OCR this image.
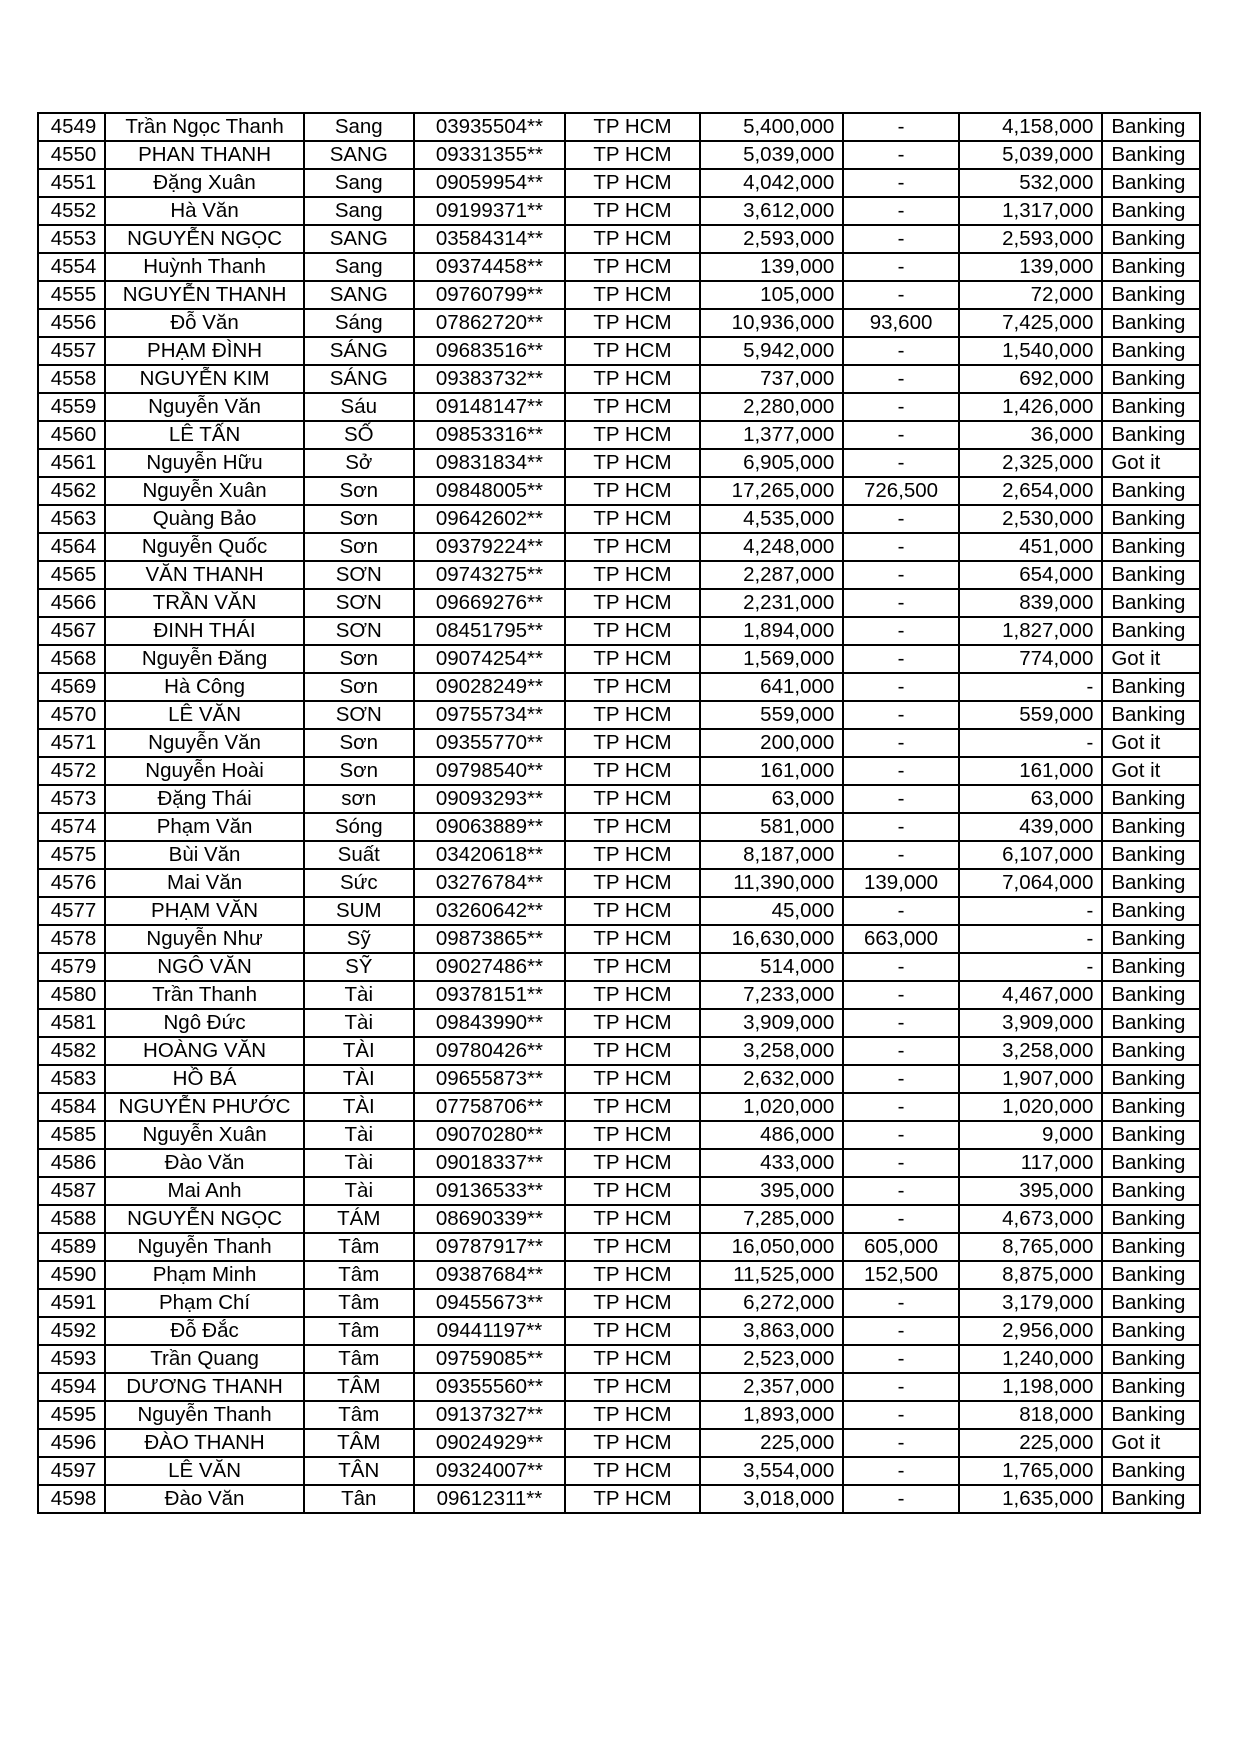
4549	Trần Ngọc Thanh	Sang	03935504**	TP HCM	5,400,000	-	4,158,000	Banking
4550	PHAN THANH	SANG	09331355**	TP HCM	5,039,000	-	5,039,000	Banking
4551	Đặng Xuân	Sang	09059954**	TP HCM	4,042,000	-	532,000	Banking
4552	Hà Văn	Sang	09199371**	TP HCM	3,612,000	-	1,317,000	Banking
4553	NGUYỄN NGỌC	SANG	03584314**	TP HCM	2,593,000	-	2,593,000	Banking
4554	Huỳnh Thanh	Sang	09374458**	TP HCM	139,000	-	139,000	Banking
4555	NGUYỄN THANH	SANG	09760799**	TP HCM	105,000	-	72,000	Banking
4556	Đỗ Văn	Sáng	07862720**	TP HCM	10,936,000	93,600	7,425,000	Banking
4557	PHẠM ĐÌNH	SÁNG	09683516**	TP HCM	5,942,000	-	1,540,000	Banking
4558	NGUYỄN KIM	SÁNG	09383732**	TP HCM	737,000	-	692,000	Banking
4559	Nguyễn Văn	Sáu	09148147**	TP HCM	2,280,000	-	1,426,000	Banking
4560	LÊ TẤN	SỐ	09853316**	TP HCM	1,377,000	-	36,000	Banking
4561	Nguyễn Hữu	Sở	09831834**	TP HCM	6,905,000	-	2,325,000	Got it
4562	Nguyễn Xuân	Sơn	09848005**	TP HCM	17,265,000	726,500	2,654,000	Banking
4563	Quàng Bảo	Sơn	09642602**	TP HCM	4,535,000	-	2,530,000	Banking
4564	Nguyễn Quốc	Sơn	09379224**	TP HCM	4,248,000	-	451,000	Banking
4565	VĂN THANH	SƠN	09743275**	TP HCM	2,287,000	-	654,000	Banking
4566	TRẦN VĂN	SƠN	09669276**	TP HCM	2,231,000	-	839,000	Banking
4567	ĐINH THÁI	SƠN	08451795**	TP HCM	1,894,000	-	1,827,000	Banking
4568	Nguyễn Đăng	Sơn	09074254**	TP HCM	1,569,000	-	774,000	Got it
4569	Hà Công	Sơn	09028249**	TP HCM	641,000	-	-	Banking
4570	LÊ VĂN	SƠN	09755734**	TP HCM	559,000	-	559,000	Banking
4571	Nguyễn Văn	Sơn	09355770**	TP HCM	200,000	-	-	Got it
4572	Nguyễn Hoài	Sơn	09798540**	TP HCM	161,000	-	161,000	Got it
4573	Đặng Thái	sơn	09093293**	TP HCM	63,000	-	63,000	Banking
4574	Phạm Văn	Sóng	09063889**	TP HCM	581,000	-	439,000	Banking
4575	Bùi Văn	Suất	03420618**	TP HCM	8,187,000	-	6,107,000	Banking
4576	Mai Văn	Sức	03276784**	TP HCM	11,390,000	139,000	7,064,000	Banking
4577	PHẠM VĂN	SUM	03260642**	TP HCM	45,000	-	-	Banking
4578	Nguyễn Như	Sỹ	09873865**	TP HCM	16,630,000	663,000	-	Banking
4579	NGÔ VĂN	SỸ	09027486**	TP HCM	514,000	-	-	Banking
4580	Trần Thanh	Tài	09378151**	TP HCM	7,233,000	-	4,467,000	Banking
4581	Ngô Đức	Tài	09843990**	TP HCM	3,909,000	-	3,909,000	Banking
4582	HOÀNG VĂN	TÀI	09780426**	TP HCM	3,258,000	-	3,258,000	Banking
4583	HỒ BÁ	TÀI	09655873**	TP HCM	2,632,000	-	1,907,000	Banking
4584	NGUYỄN PHƯỚC	TÀI	07758706**	TP HCM	1,020,000	-	1,020,000	Banking
4585	Nguyễn Xuân	Tài	09070280**	TP HCM	486,000	-	9,000	Banking
4586	Đào Văn	Tài	09018337**	TP HCM	433,000	-	117,000	Banking
4587	Mai Anh	Tài	09136533**	TP HCM	395,000	-	395,000	Banking
4588	NGUYỄN NGỌC	TÁM	08690339**	TP HCM	7,285,000	-	4,673,000	Banking
4589	Nguyễn Thanh	Tâm	09787917**	TP HCM	16,050,000	605,000	8,765,000	Banking
4590	Phạm Minh	Tâm	09387684**	TP HCM	11,525,000	152,500	8,875,000	Banking
4591	Phạm Chí	Tâm	09455673**	TP HCM	6,272,000	-	3,179,000	Banking
4592	Đỗ Đắc	Tâm	09441197**	TP HCM	3,863,000	-	2,956,000	Banking
4593	Trần Quang	Tâm	09759085**	TP HCM	2,523,000	-	1,240,000	Banking
4594	DƯƠNG THANH	TÂM	09355560**	TP HCM	2,357,000	-	1,198,000	Banking
4595	Nguyễn Thanh	Tâm	09137327**	TP HCM	1,893,000	-	818,000	Banking
4596	ĐÀO THANH	TÂM	09024929**	TP HCM	225,000	-	225,000	Got it
4597	LÊ VĂN	TÂN	09324007**	TP HCM	3,554,000	-	1,765,000	Banking
4598	Đào Văn	Tân	09612311**	TP HCM	3,018,000	-	1,635,000	Banking
